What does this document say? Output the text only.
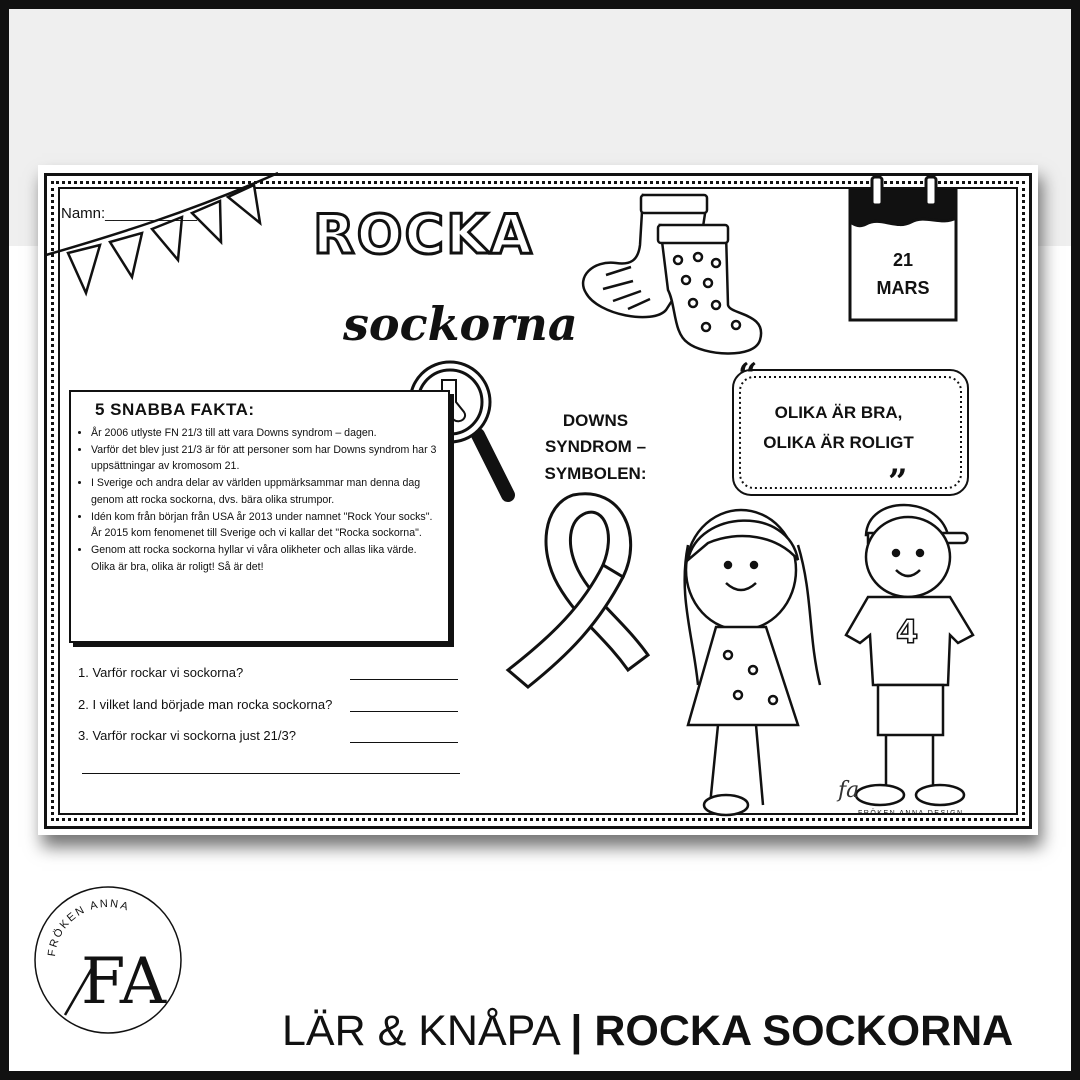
“
”
4
fa
Namn:___________ ROCKA
sockorna
21
MARS
5 SNABBA FAKTA:
• År 2006 utlyste FN 21/3 till att vara Downs syndrom – dagen.
• Varför det blev just 21/3 är för att personer som har Downs syndrom har 3 uppsättningar av kromosom 21.
• I Sverige och andra delar av världen uppmärksammar man denna dag genom att rocka sockorna, dvs. bära olika strumpor.
• Idén kom från början från USA år 2013 under namnet "Rock Your socks". År 2015 kom fenomenet till Sverige och vi kallar det "Rocka sockorna".
• Genom att rocka sockorna hyllar vi våra olikheter och allas lika värde. Olika är bra, olika är roligt! Så är det!
DOWNS
SYNDROM –
SYMBOLEN:
OLIKA ÄR BRA,
OLIKA ÄR ROLIGT
1. Varför rockar vi sockorna?
2. I vilket land började man rocka sockorna?
3. Varför rockar vi sockorna just 21/3?
FRÖKEN ANNA DESIGN
FRÖKEN ANNA
FA
LÄR & KNÅPA | ROCKA SOCKORNA
